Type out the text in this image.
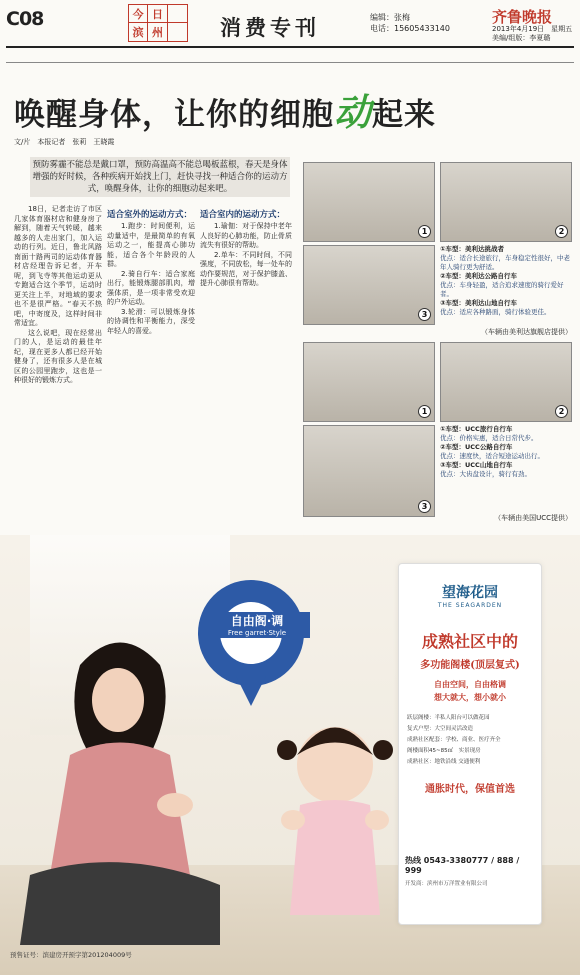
C08	今 日
滨 州	消费专刊	编辑：张梅
电话：15605433140
齐鲁晚报
2013年4月19日　星期五
美编/组版：李夏璐
唤醒身体，让你的细胞动起来
文/片　本报记者　张莉　王晓霞
预防雾霾不能总是戴口罩，预防高温高不能总喝板蓝根，春天是身体增强的好时候，各种疾病开始找上门，赶快寻找一种适合你的运动方式，唤醒身体，让你的细胞动起来吧。

18日，记者走访了市区几家体育器材店和健身房了解到，随着天气转暖，越来越多的人走出家门，加入运动的行列。近日，鲁北风路南面十路两司的运动体育器材店经理告诉记者，开车呢，到飞寺等其他运动更从专跑适合这个季节，运动时更关注上半，对地域的要求也不是很严格。“春天不热吧，中寄度及，这样时间非常适宜。

这么说吧，现在经常出门的人，是运动的最佳年纪，现在更多人都已经开始健身了，还有很多人是在城区的公园里跑步，这也是一种很好的锻炼方式。

适合室外的运动方式：

1.跑步：时间便利，运动量适中，是最简单的有氧运动之一，能提高心肺功能，适合各个年龄段的人群。

2.骑自行车：适合家庭出行，能锻炼腿部肌肉，增强体质，是一项非常受欢迎的户外运动。

3.轮滑：可以锻炼身体的协调性和平衡能力，深受年轻人的喜爱。

适合室内的运动方式：

1.瑜伽：对于保持中老年人良好的心肺功能，防止骨质流失有很好的帮助。

2.单车：不同时间，不同强度，不同放松，每一处车的动作要规范，对于保护膝盖、提升心肺很有帮助。

1	2
3
①车型：美利达挑战者
优点：适合长途旅行，车身稳定性很好，中老年人骑行更为舒适。
②车型：美利达公路自行车
优点：车身轻盈，适合追求速度的骑行爱好者。
③车型：美利达山地自行车
优点：适应各种路面，骑行体验更佳。
（车辆由美利达旗舰店提供）
1	2
3
①车型：UCC旅行自行车
优点：价格实惠，适合日常代步。
②车型：UCC公路自行车
优点：速度快，适合短途运动出行。
③车型：UCC山地自行车
优点：大齿盘设计，骑行有劲。
（车辆由美国UCC提供）
自由阁·调
Free garret·Style
望海花园
THE SEAGARDEN
成熟社区中的
多功能阁楼(顶层复式)
自由空间，自由格调
想大就大，想小就小
跃层阁楼：半私人阳台可以做花园
复式户型：大空间灵活改造
成熟社区配套：学校、商业、医疗齐全
阁楼面积45~85㎡　实景现房
成熟社区：地铁沿线 交通便利
通胀时代，保值首选
热线 0543-3380777 / 888 / 999
开发商：滨州市万洋置业有限公司
预售证号：滨建房开预字第201204009号
